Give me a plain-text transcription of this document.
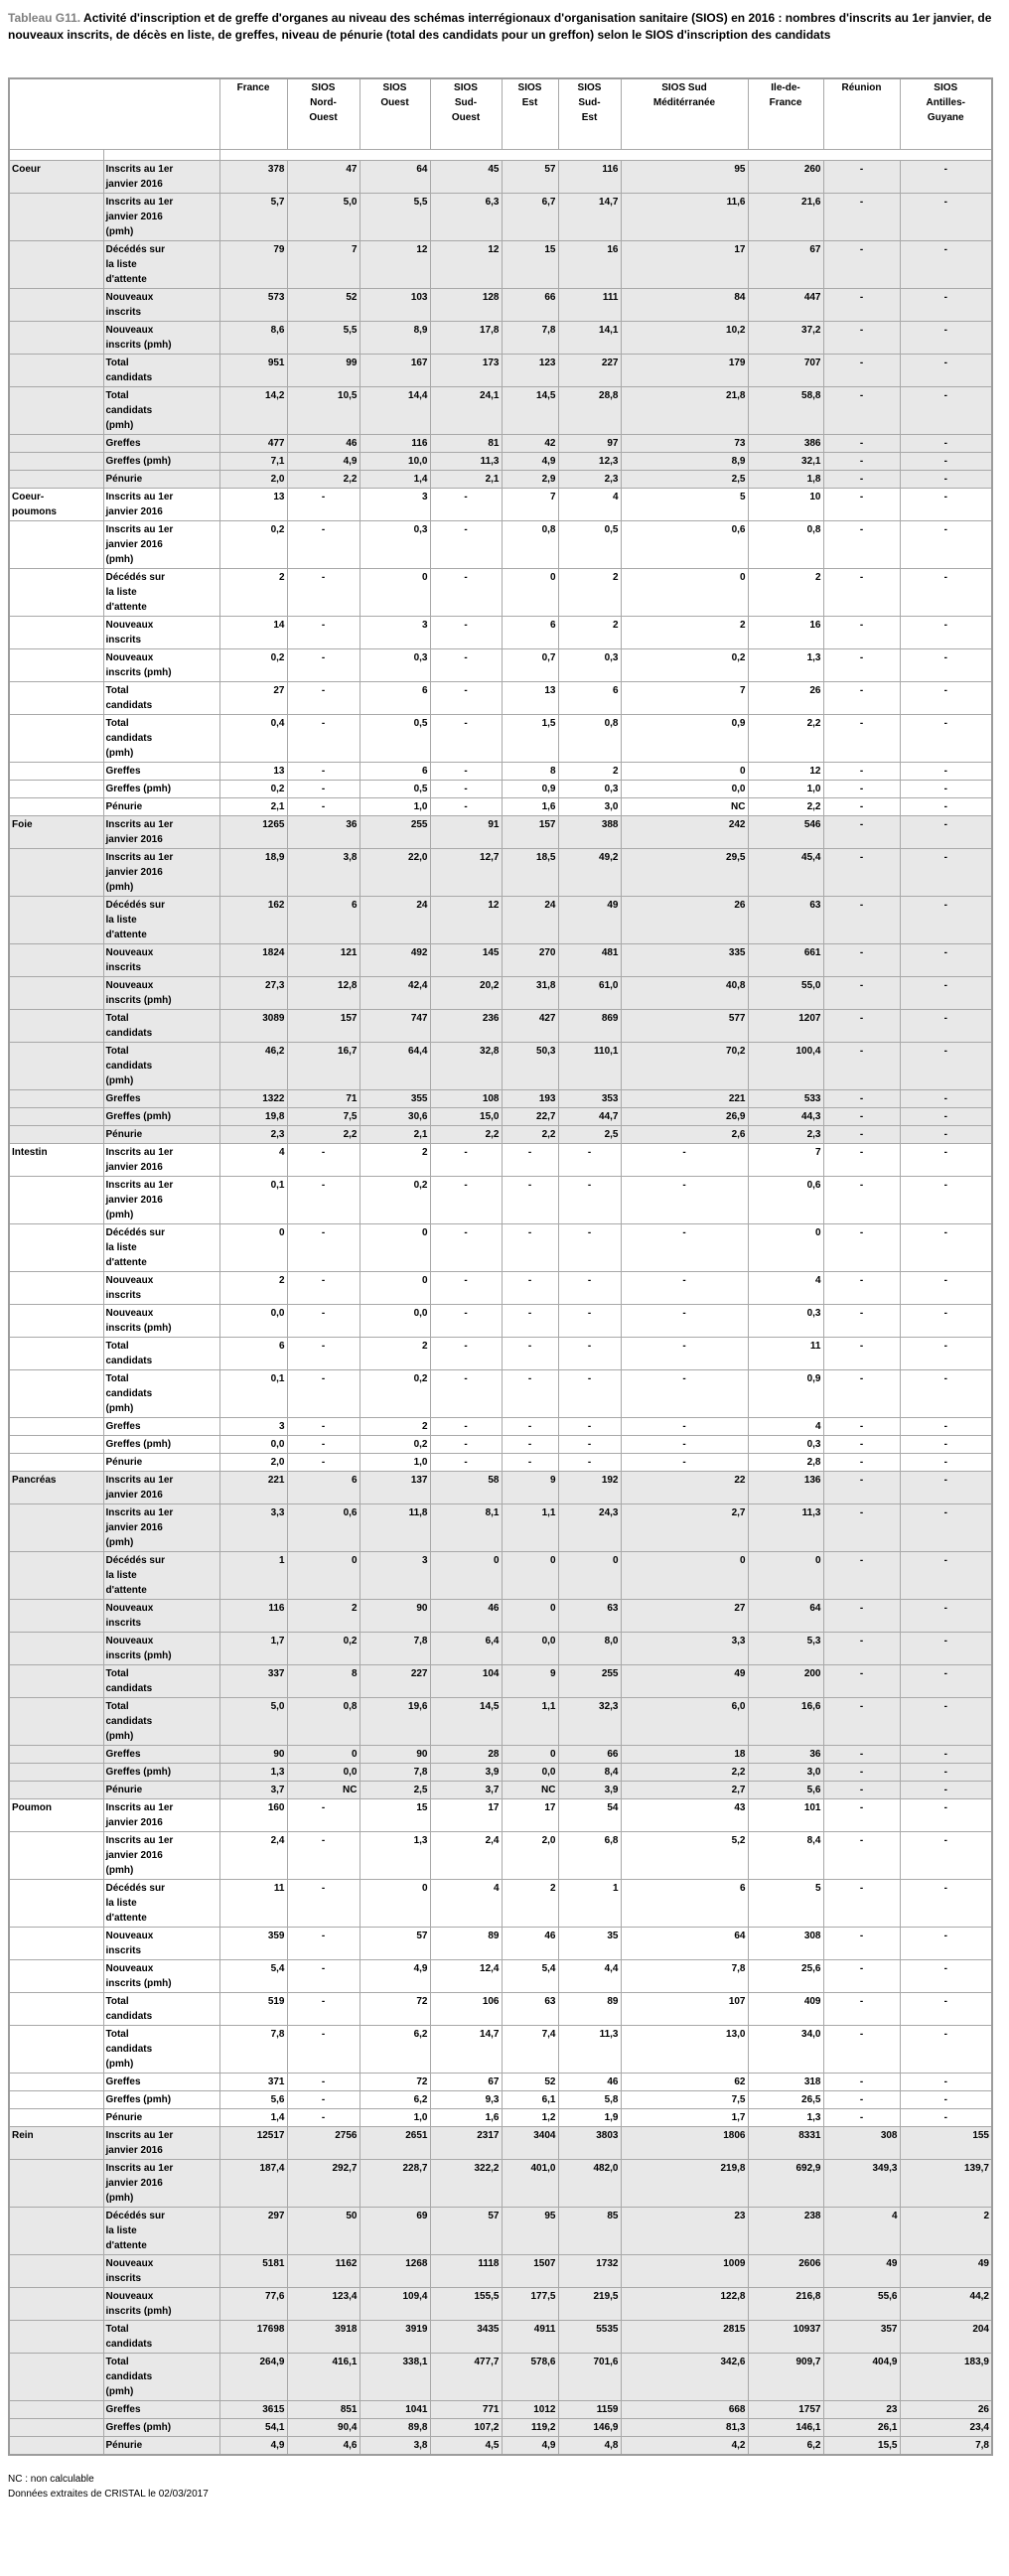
Tableau G11. Activité d'inscription et de greffe d'organes au niveau des schémas interrégionaux d'organisation sanitaire (SIOS) en 2016 : nombres d'inscrits au 1er janvier, de nouveaux inscrits, de décès en liste, de greffes, niveau de pénurie (total des candidats pour un greffon) selon le SIOS d'inscription des candidats

		France	SIOS
Nord-
Ouest	SIOS
Ouest	SIOS
Sud-
Ouest	SIOS
Est	SIOS
Sud-
Est	SIOS Sud
Méditérranée	Ile-de-
France	Réunion	SIOS
Antilles-
Guyane

Coeur	Inscrits au 1er
janvier 2016	378	47	64	45	57	116	95	260	-	-
	Inscrits au 1er
janvier 2016
(pmh)	5,7	5,0	5,5	6,3	6,7	14,7	11,6	21,6	-	-
	Décédés sur
la liste
d'attente	79	7	12	12	15	16	17	67	-	-
	Nouveaux
inscrits	573	52	103	128	66	111	84	447	-	-
	Nouveaux
inscrits (pmh)	8,6	5,5	8,9	17,8	7,8	14,1	10,2	37,2	-	-
	Total
candidats	951	99	167	173	123	227	179	707	-	-
	Total
candidats
(pmh)	14,2	10,5	14,4	24,1	14,5	28,8	21,8	58,8	-	-
	Greffes	477	46	116	81	42	97	73	386	-	-
	Greffes (pmh)	7,1	4,9	10,0	11,3	4,9	12,3	8,9	32,1	-	-
	Pénurie	2,0	2,2	1,4	2,1	2,9	2,3	2,5	1,8	-	-
Coeur-
poumons	Inscrits au 1er
janvier 2016	13	-	3	-	7	4	5	10	-	-
	Inscrits au 1er
janvier 2016
(pmh)	0,2	-	0,3	-	0,8	0,5	0,6	0,8	-	-
	Décédés sur
la liste
d'attente	2	-	0	-	0	2	0	2	-	-
	Nouveaux
inscrits	14	-	3	-	6	2	2	16	-	-
	Nouveaux
inscrits (pmh)	0,2	-	0,3	-	0,7	0,3	0,2	1,3	-	-
	Total
candidats	27	-	6	-	13	6	7	26	-	-
	Total
candidats
(pmh)	0,4	-	0,5	-	1,5	0,8	0,9	2,2	-	-
	Greffes	13	-	6	-	8	2	0	12	-	-
	Greffes (pmh)	0,2	-	0,5	-	0,9	0,3	0,0	1,0	-	-
	Pénurie	2,1	-	1,0	-	1,6	3,0	NC	2,2	-	-
Foie	Inscrits au 1er
janvier 2016	1265	36	255	91	157	388	242	546	-	-
	Inscrits au 1er
janvier 2016
(pmh)	18,9	3,8	22,0	12,7	18,5	49,2	29,5	45,4	-	-
	Décédés sur
la liste
d'attente	162	6	24	12	24	49	26	63	-	-
	Nouveaux
inscrits	1824	121	492	145	270	481	335	661	-	-
	Nouveaux
inscrits (pmh)	27,3	12,8	42,4	20,2	31,8	61,0	40,8	55,0	-	-
	Total
candidats	3089	157	747	236	427	869	577	1207	-	-
	Total
candidats
(pmh)	46,2	16,7	64,4	32,8	50,3	110,1	70,2	100,4	-	-
	Greffes	1322	71	355	108	193	353	221	533	-	-
	Greffes (pmh)	19,8	7,5	30,6	15,0	22,7	44,7	26,9	44,3	-	-
	Pénurie	2,3	2,2	2,1	2,2	2,2	2,5	2,6	2,3	-	-
Intestin	Inscrits au 1er
janvier 2016	4	-	2	-	-	-	-	7	-	-
	Inscrits au 1er
janvier 2016
(pmh)	0,1	-	0,2	-	-	-	-	0,6	-	-
	Décédés sur
la liste
d'attente	0	-	0	-	-	-	-	0	-	-
	Nouveaux
inscrits	2	-	0	-	-	-	-	4	-	-
	Nouveaux
inscrits (pmh)	0,0	-	0,0	-	-	-	-	0,3	-	-
	Total
candidats	6	-	2	-	-	-	-	11	-	-
	Total
candidats
(pmh)	0,1	-	0,2	-	-	-	-	0,9	-	-
	Greffes	3	-	2	-	-	-	-	4	-	-
	Greffes (pmh)	0,0	-	0,2	-	-	-	-	0,3	-	-
	Pénurie	2,0	-	1,0	-	-	-	-	2,8	-	-
Pancréas	Inscrits au 1er
janvier 2016	221	6	137	58	9	192	22	136	-	-
	Inscrits au 1er
janvier 2016
(pmh)	3,3	0,6	11,8	8,1	1,1	24,3	2,7	11,3	-	-
	Décédés sur
la liste
d'attente	1	0	3	0	0	0	0	0	-	-
	Nouveaux
inscrits	116	2	90	46	0	63	27	64	-	-
	Nouveaux
inscrits (pmh)	1,7	0,2	7,8	6,4	0,0	8,0	3,3	5,3	-	-
	Total
candidats	337	8	227	104	9	255	49	200	-	-
	Total
candidats
(pmh)	5,0	0,8	19,6	14,5	1,1	32,3	6,0	16,6	-	-
	Greffes	90	0	90	28	0	66	18	36	-	-
	Greffes (pmh)	1,3	0,0	7,8	3,9	0,0	8,4	2,2	3,0	-	-
	Pénurie	3,7	NC	2,5	3,7	NC	3,9	2,7	5,6	-	-
Poumon	Inscrits au 1er
janvier 2016	160	-	15	17	17	54	43	101	-	-
	Inscrits au 1er
janvier 2016
(pmh)	2,4	-	1,3	2,4	2,0	6,8	5,2	8,4	-	-
	Décédés sur
la liste
d'attente	11	-	0	4	2	1	6	5	-	-
	Nouveaux
inscrits	359	-	57	89	46	35	64	308	-	-
	Nouveaux
inscrits (pmh)	5,4	-	4,9	12,4	5,4	4,4	7,8	25,6	-	-
	Total
candidats	519	-	72	106	63	89	107	409	-	-
	Total
candidats
(pmh)	7,8	-	6,2	14,7	7,4	11,3	13,0	34,0	-	-
	Greffes	371	-	72	67	52	46	62	318	-	-
	Greffes (pmh)	5,6	-	6,2	9,3	6,1	5,8	7,5	26,5	-	-
	Pénurie	1,4	-	1,0	1,6	1,2	1,9	1,7	1,3	-	-
Rein	Inscrits au 1er
janvier 2016	12517	2756	2651	2317	3404	3803	1806	8331	308	155
	Inscrits au 1er
janvier 2016
(pmh)	187,4	292,7	228,7	322,2	401,0	482,0	219,8	692,9	349,3	139,7
	Décédés sur
la liste
d'attente	297	50	69	57	95	85	23	238	4	2
	Nouveaux
inscrits	5181	1162	1268	1118	1507	1732	1009	2606	49	49
	Nouveaux
inscrits (pmh)	77,6	123,4	109,4	155,5	177,5	219,5	122,8	216,8	55,6	44,2
	Total
candidats	17698	3918	3919	3435	4911	5535	2815	10937	357	204
	Total
candidats
(pmh)	264,9	416,1	338,1	477,7	578,6	701,6	342,6	909,7	404,9	183,9
	Greffes	3615	851	1041	771	1012	1159	668	1757	23	26
	Greffes (pmh)	54,1	90,4	89,8	107,2	119,2	146,9	81,3	146,1	26,1	23,4
	Pénurie	4,9	4,6	3,8	4,5	4,9	4,8	4,2	6,2	15,5	7,8

NC : non calculable

Données extraites de CRISTAL le 02/03/2017
